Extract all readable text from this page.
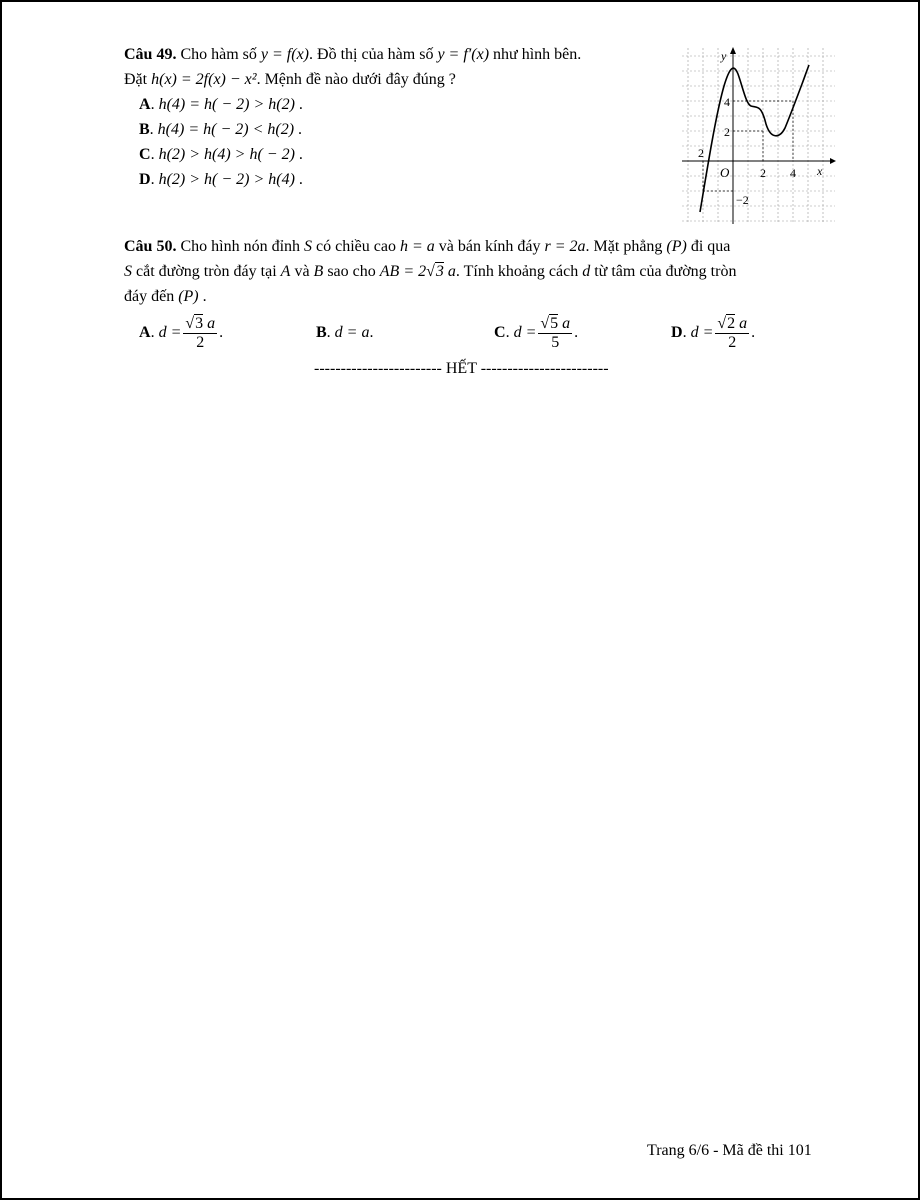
Câu 49. Cho hàm số y = f(x). Đồ thị của hàm số y = f′(x) như hình bên.
Đặt h(x) = 2f(x) − x². Mệnh đề nào dưới đây đúng ?
A. h(4) = h( − 2) > h(2) .
B. h(4) = h( − 2) < h(2) .
C. h(2) > h(4) > h( − 2) .
D. h(2) > h( − 2) > h(4) .
y
x
O
4
2
−2
2 4
2
Câu 50. Cho hình nón đỉnh S có chiều cao h = a và bán kính đáy r = 2a. Mặt phẳng (P) đi qua
S cắt đường tròn đáy tại A và B sao cho AB = 2√3 a. Tính khoảng cách d từ tâm của đường tròn
đáy đến (P) .
A . $d = \frac{√3 a}{2}$ .	B . d = a .	C . $d = \frac{√5 a}{5}$ .	D . $d = \frac{√2 a}{2}$ .
------------------------ HẾT ------------------------
Trang 6/6 - Mã đề thi 101
